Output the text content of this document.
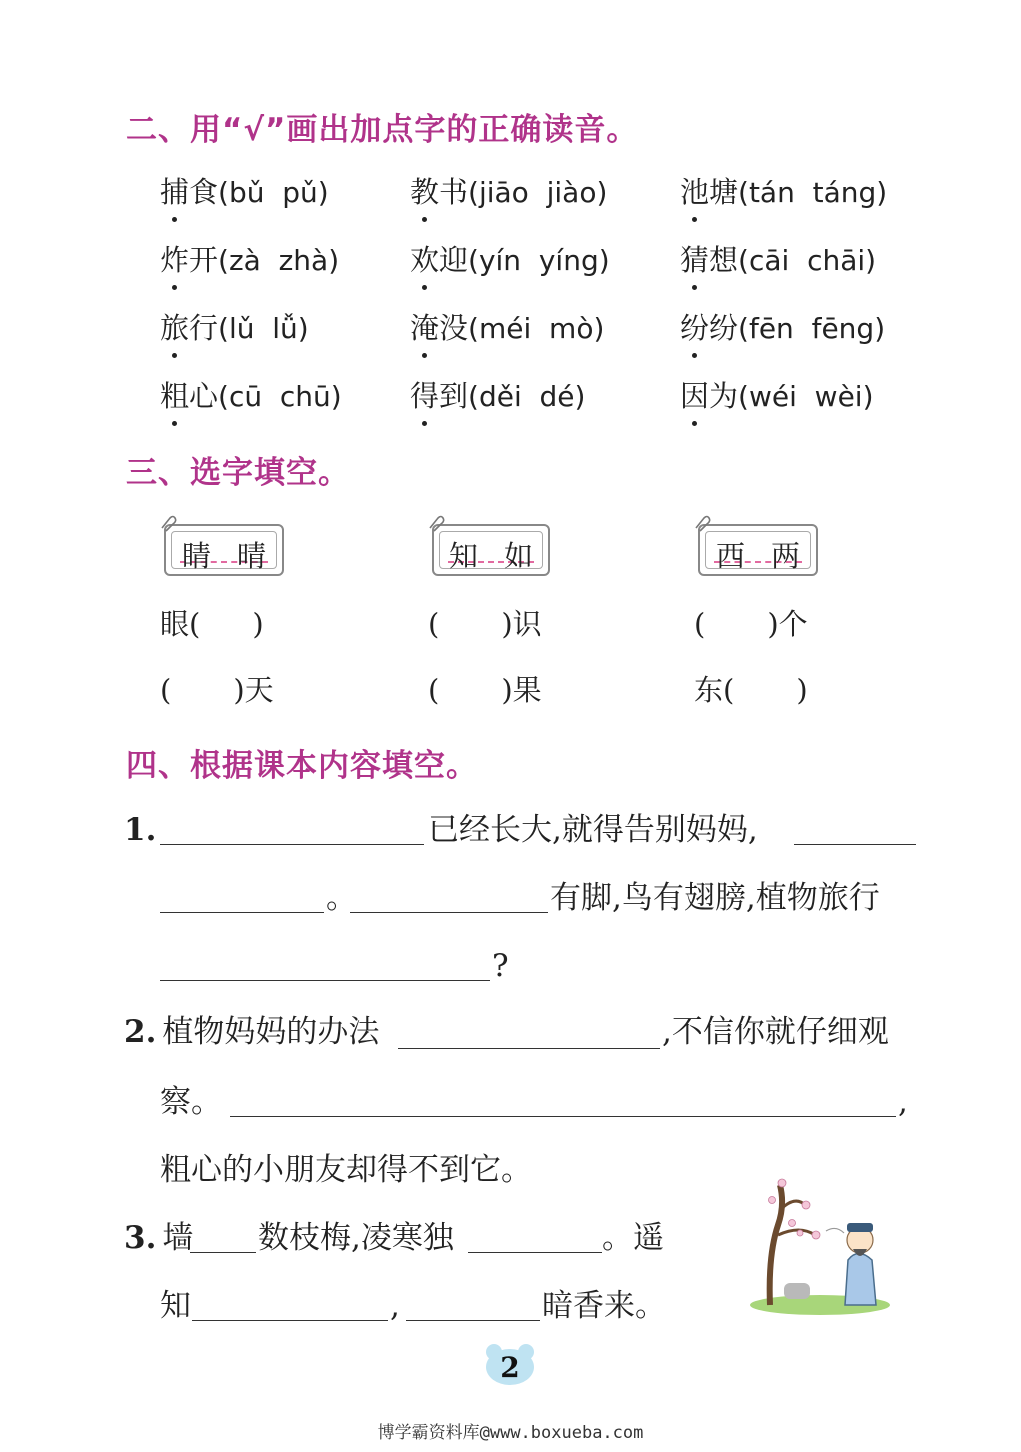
二、用“√”画出加点字的正确读音。
捕食(bǔ  pǔ)	教书(jiāo  jiào)	池塘(tán  táng)
炸开(zà  zhà) 欢迎(yín  yíng) 猜想(cāi  chāi)
旅行(lǔ  lǚ)	淹没(méi  mò)	纷纷(fēn  fēng)
粗心(cū  chū) 得到(děi  dé)	因为(wéi  wèi)
三、选字填空。
睛 晴	知 如	西 两
眼( )	( )识	( )个
( )天	( )果	东( )
四、根据课本内容填空。
1.	已经长大,就得告别妈妈,
。	有脚,鸟有翅膀,植物旅行
?
2. 植物妈妈的办法	,不信你就仔细观
察。	,
粗心的小朋友却得不到它。
3. 墙 数枝梅,凌寒独	。遥
知	,	暗香来。
2
博学霸资料库@www.boxueba.com
